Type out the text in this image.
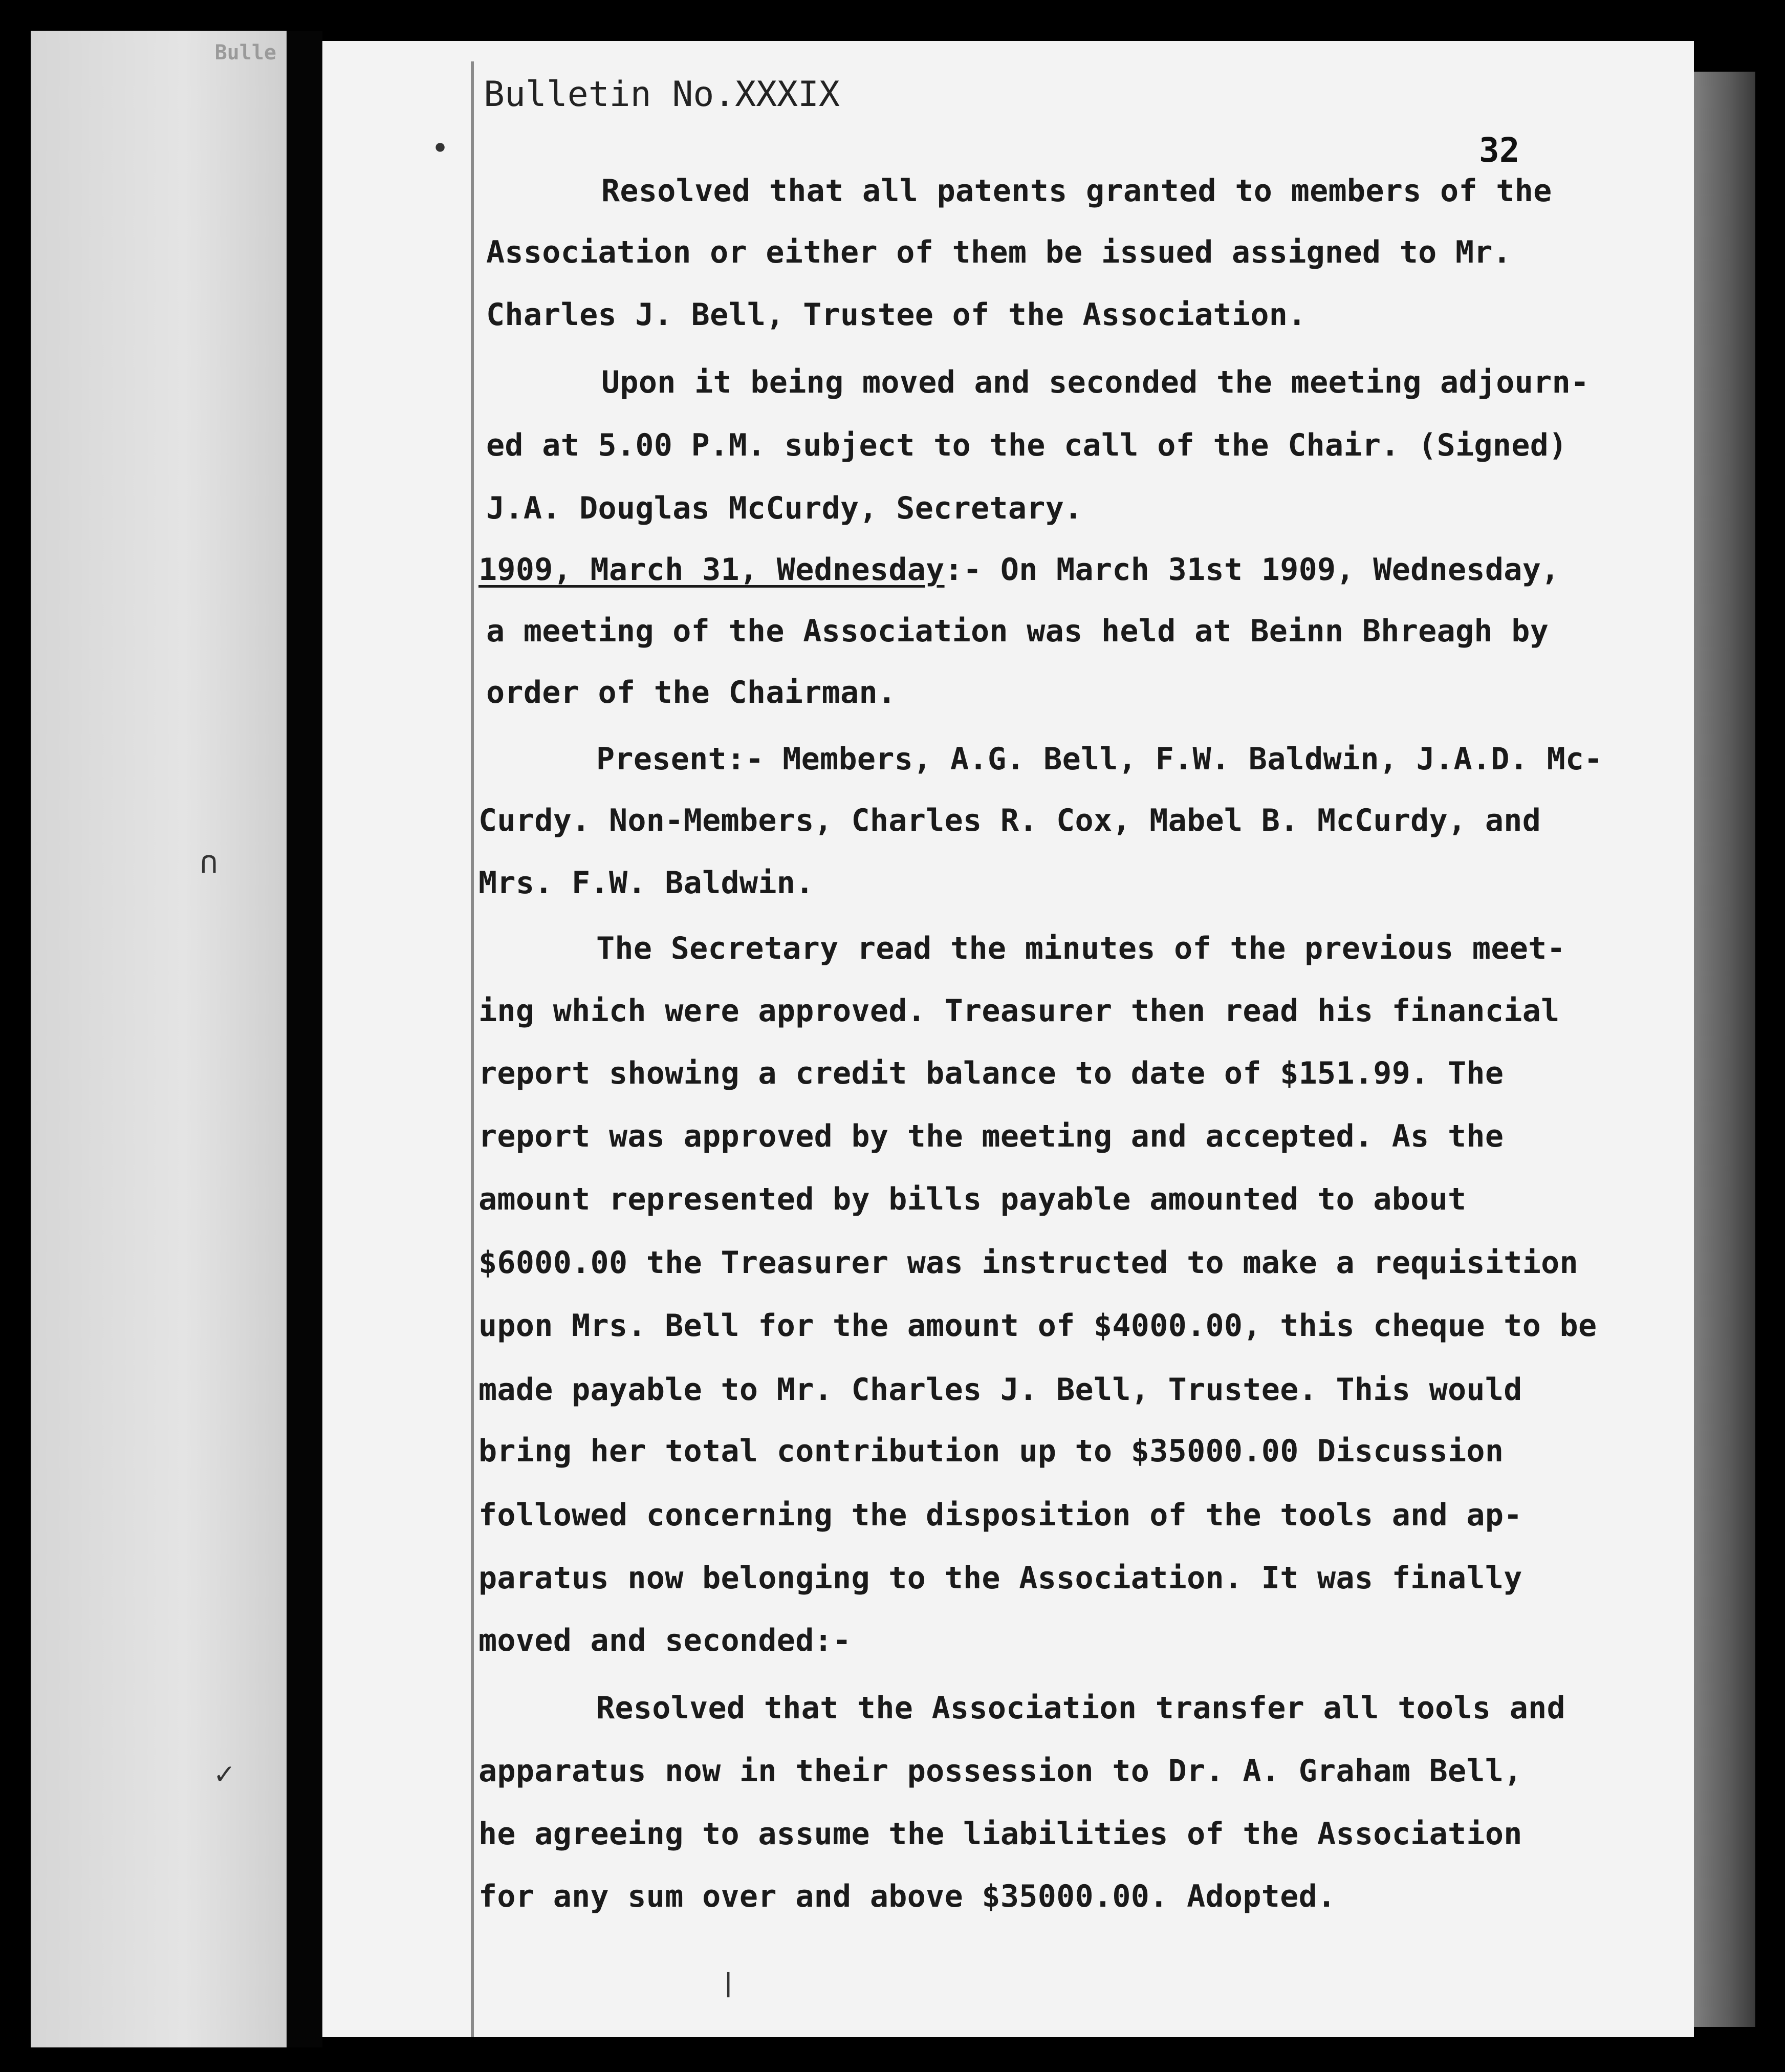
Bulle
Bulletin No.XXXIX
32
Resolved that all patents granted to members of the
Association or either of them be issued assigned to Mr.
Charles J. Bell, Trustee of the Association.
Upon it being moved and seconded the meeting adjourn-
ed at 5.00 P.M. subject to the call of the Chair. (Signed)
J.A. Douglas McCurdy, Secretary.
1909, March 31, Wednesday:- On March 31st 1909, Wednesday,
a meeting of the Association was held at Beinn Bhreagh by
order of the Chairman.
Present:- Members, A.G. Bell, F.W. Baldwin, J.A.D. Mc-
Curdy. Non-Members, Charles R. Cox, Mabel B. McCurdy, and
Mrs. F.W. Baldwin.
The Secretary read the minutes of the previous meet-
ing which were approved. Treasurer then read his financial
report showing a credit balance to date of $151.99. The
report was approved by the meeting and accepted. As the
amount represented by bills payable amounted to about
$6000.00 the Treasurer was instructed to make a requisition
upon Mrs. Bell for the amount of $4000.00, this cheque to be
made payable to Mr. Charles J. Bell, Trustee. This would
bring her total contribution up to $35000.00 Discussion
followed concerning the disposition of the tools and ap-
paratus now belonging to the Association. It was finally
moved and seconded:-
Resolved that the Association transfer all tools and
apparatus now in their possession to Dr. A. Graham Bell,
he agreeing to assume the liabilities of the Association
for any sum over and above $35000.00. Adopted.
•
∩
✓
❘
